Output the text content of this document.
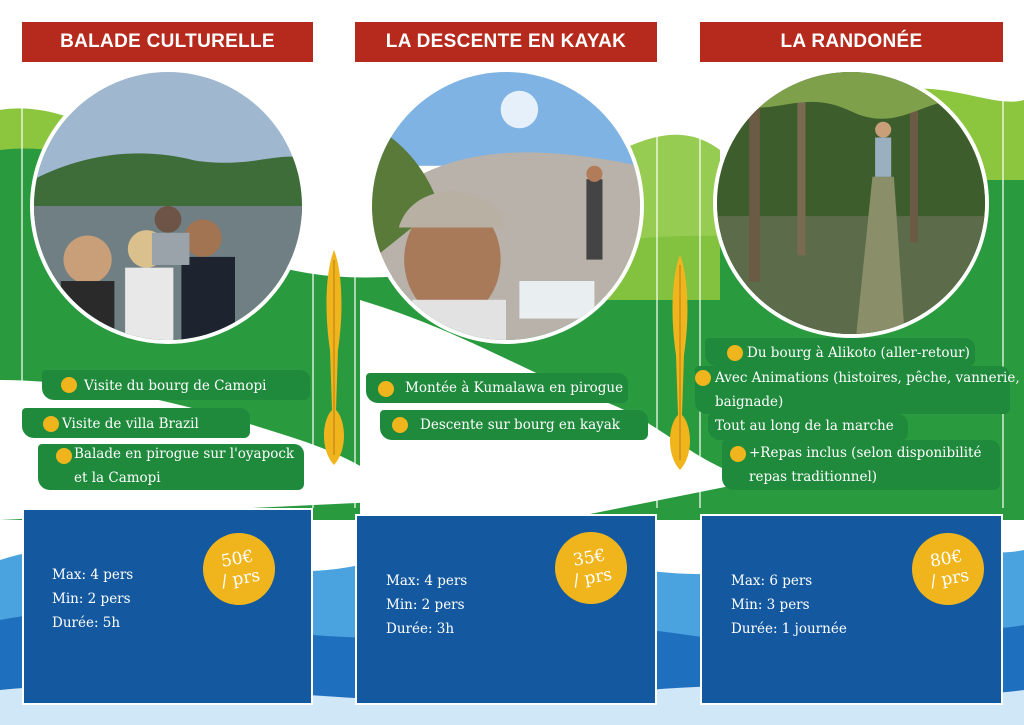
BALADE CULTURELLE	LA DESCENTE EN KAYAK	LA RANDONÉE
Visite du bourg de Camopi
Visite de villa Brazil
Balade en pirogue sur l'oyapock
et la Camopi
Montée à Kumalawa en pirogue
Descente sur bourg en kayak
Du bourg à Alikoto (aller-retour)
Avec Animations (histoires, pêche, vannerie,
baignade)
Tout au long de la marche
+Repas inclus (selon disponibilité
repas traditionnel)
Max: 4 pers
Min: 2 pers
Durée: 5h
50€
/ prs	Max: 4 pers
Min: 2 pers
Durée: 3h
35€
/ prs	Max: 6 pers
Min: 3 pers
Durée: 1 journée
80€
/ prs
